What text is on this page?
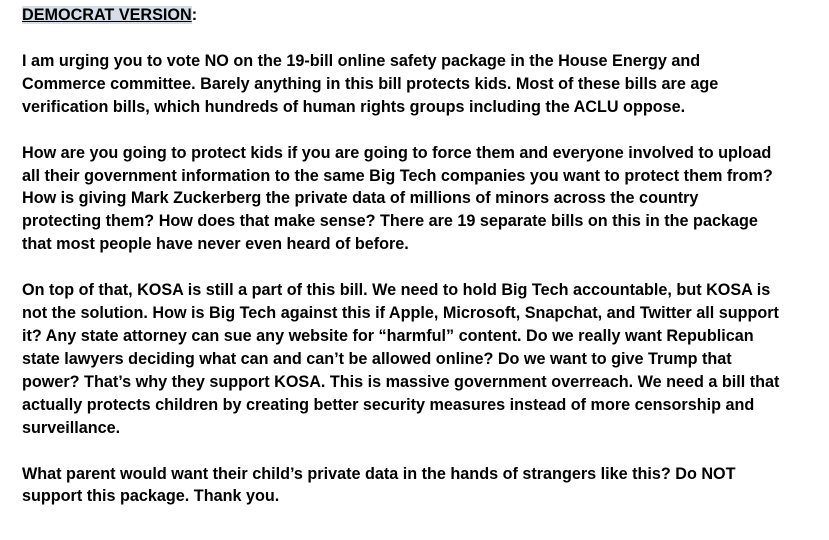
DEMOCRAT VERSION:

I am urging you to vote NO on the 19-bill online safety package in the House Energy and
Commerce committee. Barely anything in this bill protects kids. Most of these bills are age
verification bills, which hundreds of human rights groups including the ACLU oppose.

How are you going to protect kids if you are going to force them and everyone involved to upload
all their government information to the same Big Tech companies you want to protect them from?
How is giving Mark Zuckerberg the private data of millions of minors across the country
protecting them? How does that make sense? There are 19 separate bills on this in the package
that most people have never even heard of before.

On top of that, KOSA is still a part of this bill. We need to hold Big Tech accountable, but KOSA is
not the solution. How is Big Tech against this if Apple, Microsoft, Snapchat, and Twitter all support
it? Any state attorney can sue any website for “harmful” content. Do we really want Republican
state lawyers deciding what can and can’t be allowed online? Do we want to give Trump that
power? That’s why they support KOSA. This is massive government overreach. We need a bill that
actually protects children by creating better security measures instead of more censorship and
surveillance.

What parent would want their child’s private data in the hands of strangers like this? Do NOT
support this package. Thank you.
